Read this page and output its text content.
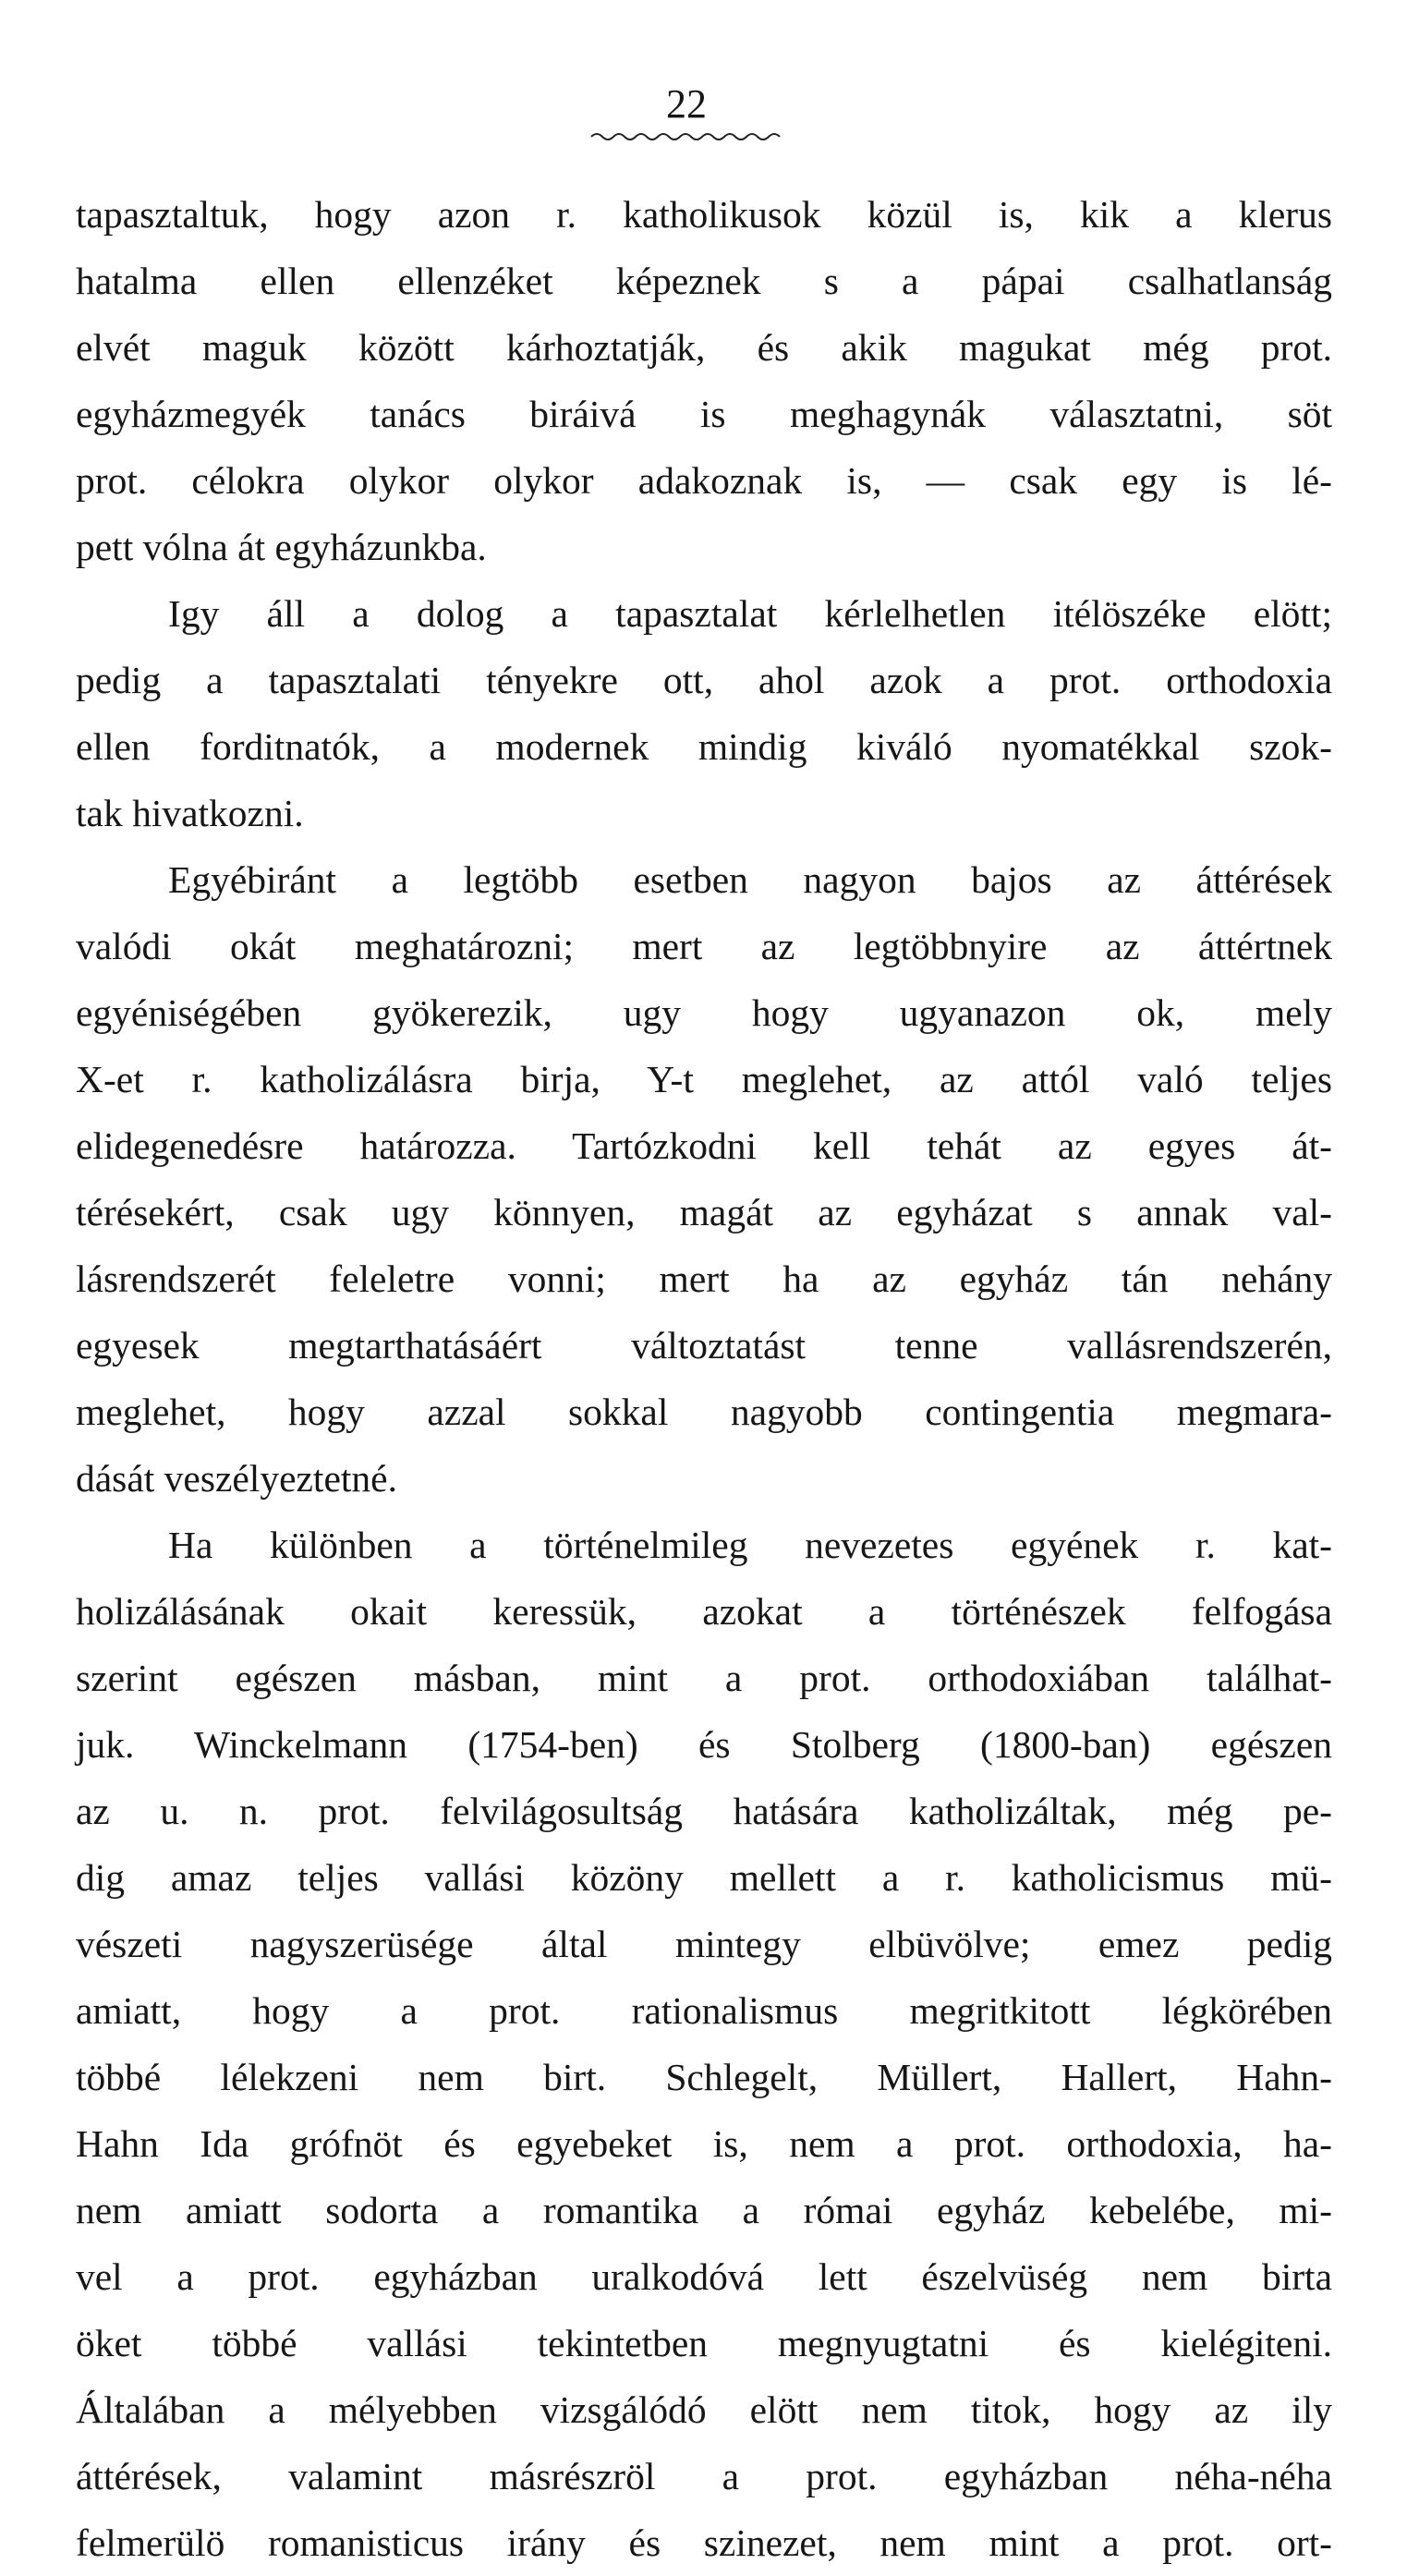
22
tapasztaltuk, hogy azon r. katholikusok közül is, kik a klerus
hatalma ellen ellenzéket képeznek s a pápai csalhatlanság
elvét maguk között kárhoztatják, és akik magukat még prot.
egyházmegyék tanács biráivá is meghagynák választatni, söt
prot. célokra olykor olykor adakoznak is, — csak egy is lé-
pett vólna át egyházunkba.
Igy áll a dolog a tapasztalat kérlelhetlen itélöszéke elött;
pedig a tapasztalati tényekre ott, ahol azok a prot. orthodoxia
ellen forditnatók, a modernek mindig kiváló nyomatékkal szok-
tak hivatkozni.
Egyébiránt a legtöbb esetben nagyon bajos az áttérések
valódi okát meghatározni; mert az legtöbbnyire az áttértnek
egyéniségében gyökerezik, ugy hogy ugyanazon ok, mely
X-et r. katholizálásra birja, Y-t meglehet, az attól való teljes
elidegenedésre határozza. Tartózkodni kell tehát az egyes át-
térésekért, csak ugy könnyen, magát az egyházat s annak val-
lásrendszerét feleletre vonni; mert ha az egyház tán nehány
egyesek megtarthatásáért változtatást tenne vallásrendszerén,
meglehet, hogy azzal sokkal nagyobb contingentia megmara-
dását veszélyeztetné.
Ha különben a történelmileg nevezetes egyének r. kat-
holizálásának okait keressük, azokat a történészek felfogása
szerint egészen másban, mint a prot. orthodoxiában találhat-
juk. Winckelmann (1754-ben) és Stolberg (1800-ban) egészen
az u. n. prot. felvilágosultság hatására katholizáltak, még pe-
dig amaz teljes vallási közöny mellett a r. katholicismus mü-
vészeti nagyszerüsége által mintegy elbüvölve; emez pedig
amiatt, hogy a prot. rationalismus megritkitott légkörében
többé lélekzeni nem birt. Schlegelt, Müllert, Hallert, Hahn-
Hahn Ida grófnöt és egyebeket is, nem a prot. orthodoxia, ha-
nem amiatt sodorta a romantika a római egyház kebelébe, mi-
vel a prot. egyházban uralkodóvá lett észelvüség nem birta
öket többé vallási tekintetben megnyugtatni és kielégiteni.
Általában a mélyebben vizsgálódó elött nem titok, hogy az ily
áttérések, valamint másrészröl a prot. egyházban néha-néha
felmerülö romanisticus irány és szinezet, nem mint a prot. ort-
